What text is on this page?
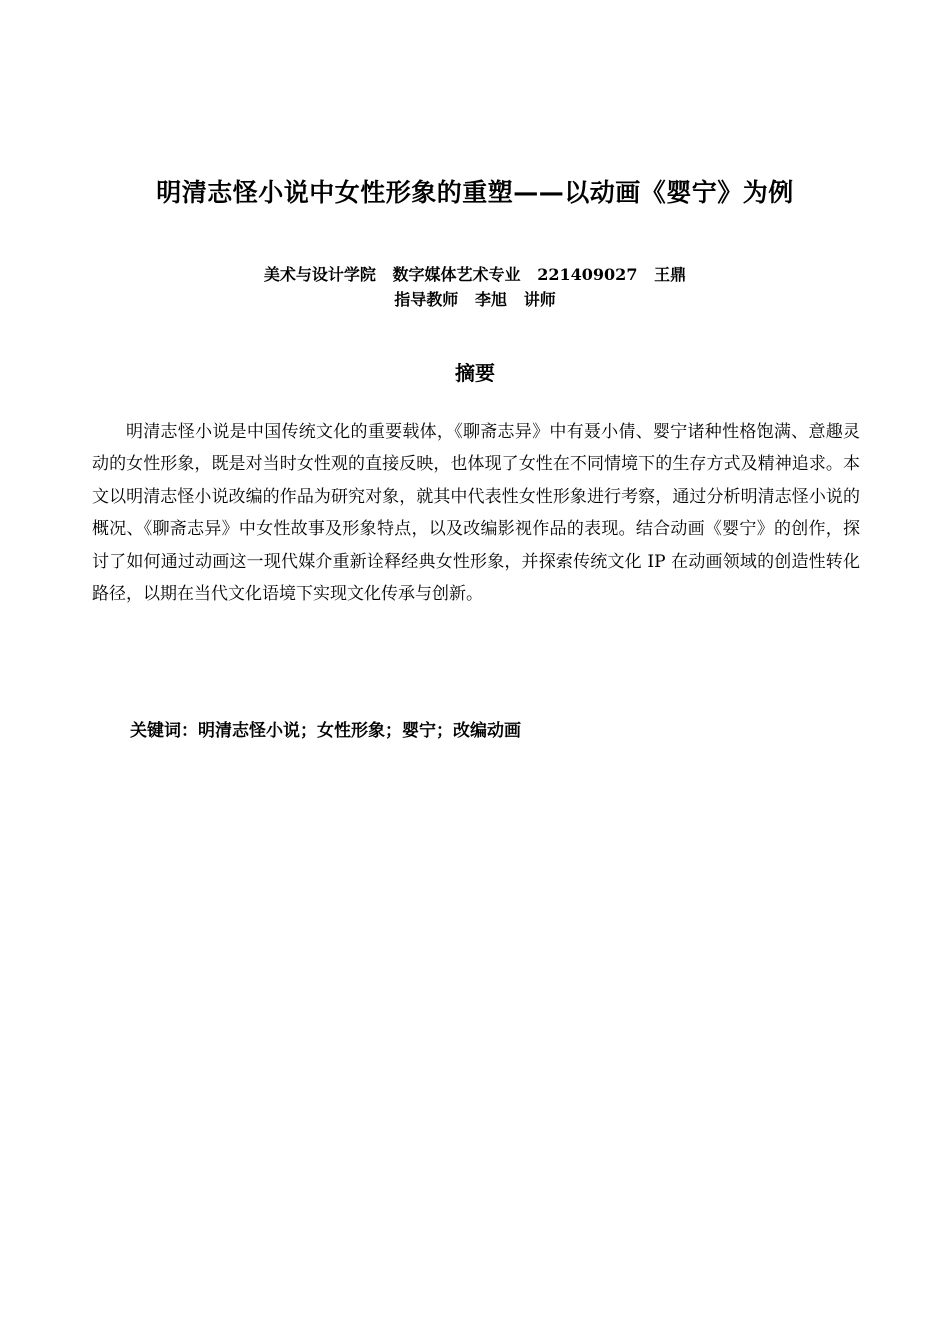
明清志怪小说中女性形象的重塑——以动画《婴宁》为例
美术与设计学院   数字媒体艺术专业   221409027   王鼎
指导教师   李旭   讲师
摘要

明清志怪小说是中国传统文化的重要载体，《聊斋志异》中有聂小倩、婴宁诸种性格饱满、意趣灵动的女性形象，既是对当时女性观的直接反映，也体现了女性在不同情境下的生存方式及精神追求。本文以明清志怪小说改编的作品为研究对象，就其中代表性女性形象进行考察，通过分析明清志怪小说的概况、《聊斋志异》中女性故事及形象特点，以及改编影视作品的表现。结合动画《婴宁》的创作，探讨了如何通过动画这一现代媒介重新诠释经典女性形象，并探索传统文化 IP 在动画领域的创造性转化路径，以期在当代文化语境下实现文化传承与创新。

关键词：明清志怪小说；女性形象；婴宁；改编动画
